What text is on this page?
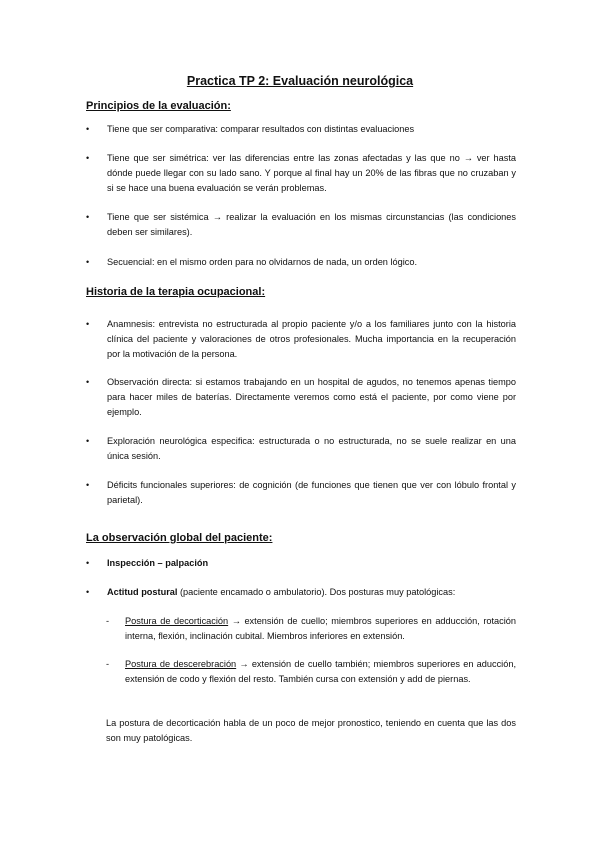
Practica TP 2: Evaluación neurológica
Principios de la evaluación:
•	Tiene que ser comparativa: comparar resultados con distintas evaluaciones
•	Tiene que ser simétrica: ver las diferencias entre las zonas afectadas y las que no → ver hasta dónde puede llegar con su lado sano. Y porque al final hay un 20% de las fibras que no cruzaban y si se hace una buena evaluación se verán problemas.
•	Tiene que ser sistémica → realizar la evaluación en los mismas circunstancias (las condiciones deben ser similares).
•	Secuencial: en el mismo orden para no olvidarnos de nada, un orden lógico.
Historia de la terapia ocupacional:
•	Anamnesis: entrevista no estructurada al propio paciente y/o a los familiares junto con la historia clínica del paciente y valoraciones de otros profesionales. Mucha importancia en la recuperación por la motivación de la persona.
•	Observación directa: si estamos trabajando en un hospital de agudos, no tenemos apenas tiempo para hacer miles de baterías. Directamente veremos como está el paciente, por como viene por ejemplo.
•	Exploración neurológica especifica: estructurada o no estructurada, no se suele realizar en una única sesión.
•	Déficits funcionales superiores: de cognición (de funciones que tienen que ver con lóbulo frontal y parietal).
La observación global del paciente:
•	Inspección – palpación
•	Actitud postural (paciente encamado o ambulatorio). Dos posturas muy patológicas:
- Postura de decorticación → extensión de cuello; miembros superiores en adducción, rotación interna, flexión, inclinación cubital. Miembros inferiores en extensión.
- Postura de descerebración → extensión de cuello también; miembros superiores en aducción, extensión de codo y flexión del resto. También cursa con extensión y add de piernas.
La postura de decorticación habla de un poco de mejor pronostico, teniendo en cuenta que las dos son muy patológicas.
